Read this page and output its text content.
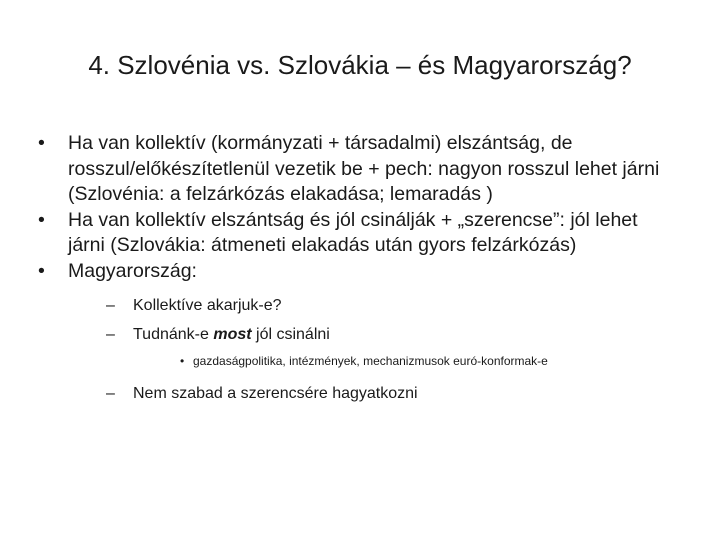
4. Szlovénia vs. Szlovákia – és Magyarország?
• Ha van kollektív (kormányzati + társadalmi) elszántság, de rosszul/előkészítetlenül vezetik be + pech: nagyon rosszul lehet járni (Szlovénia: a felzárkózás elakadása; lemaradás )
• Ha van kollektív elszántság és jól csinálják + „szerencse”: jól lehet járni (Szlovákia: átmeneti elakadás után gyors felzárkózás)
• Magyarország:
– Kollektíve akarjuk-e?
– Tudnánk-e most jól csinálni
• gazdaságpolitika, intézmények, mechanizmusok euró-konformak-e
– Nem szabad a szerencsére hagyatkozni
